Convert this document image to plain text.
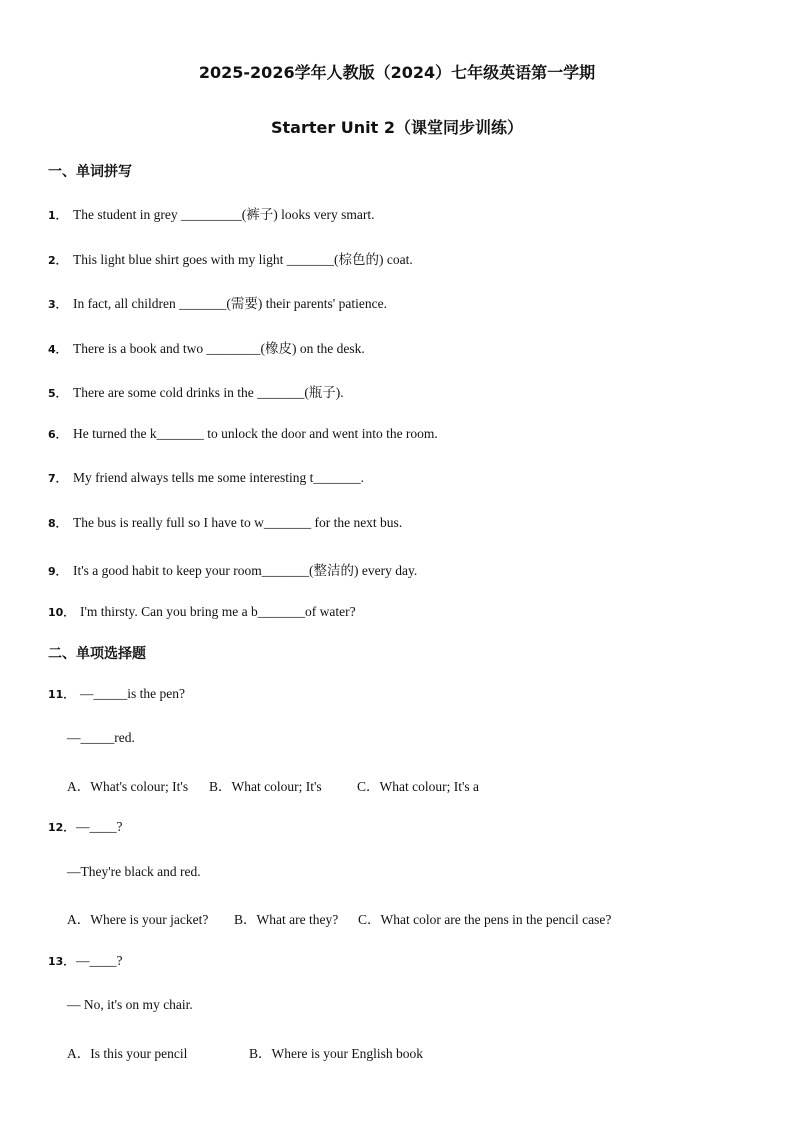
2025-2026学年人教版（2024）七年级英语第一学期
Starter Unit 2（课堂同步训练）
一、单词拼写
1． The student in grey _________(裤子) looks very smart.
2． This light blue shirt goes with my light _______(棕色的) coat.
3． In fact, all children _______(需要) their parents' patience.
4． There is a book and two ________(橡皮) on the desk.
5． There are some cold drinks in the _______(瓶子).
6． He turned the k_______ to unlock the door and went into the room.
7． My friend always tells me some interesting t_______.
8． The bus is really full so I have to w_______ for the next bus.
9． It's a good habit to keep your room_______(整洁的) every day.
10． I'm thirsty. Can you bring me a b_______of water?
二、单项选择题
11． —_____is the pen?
—_____red.
A．What's colour; It's B．What colour; It's	C．What colour; It's a
12． —____?
—They're black and red.
A．Where is your jacket? B．What are they? C．What color are the pens in the pencil case?
13． —____?
— No, it's on my chair.
A．Is this your pencil	B．Where is your English book
